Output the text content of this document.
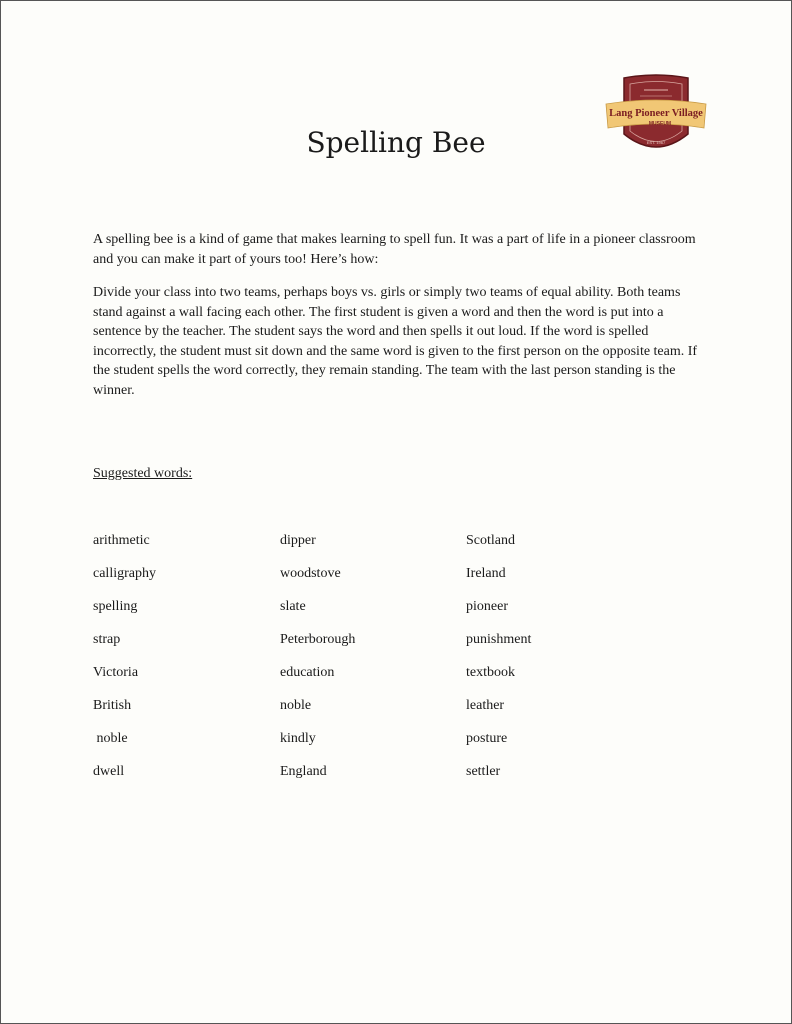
Spelling Bee
Lang Pioneer Village
MUSEUM
EST. 1967
A spelling bee is a kind of game that makes learning to spell fun. It was a part of life in a pioneer classroom and you can make it part of yours too! Here’s how:
Divide your class into two teams, perhaps boys vs. girls or simply two teams of equal ability. Both teams stand against a wall facing each other. The first student is given a word and then the word is put into a sentence by the teacher. The student says the word and then spells it out loud. If the word is spelled incorrectly, the student must sit down and the same word is given to the first person on the opposite team. If the student spells the word correctly, they remain standing. The team with the last person standing is the winner.
Suggested words:
arithmetic
calligraphy
spelling
strap
Victoria
British
noble
dwell
dipper
woodstove
slate
Peterborough
education
noble
kindly
England
Scotland
Ireland
pioneer
punishment
textbook
leather
posture
settler
